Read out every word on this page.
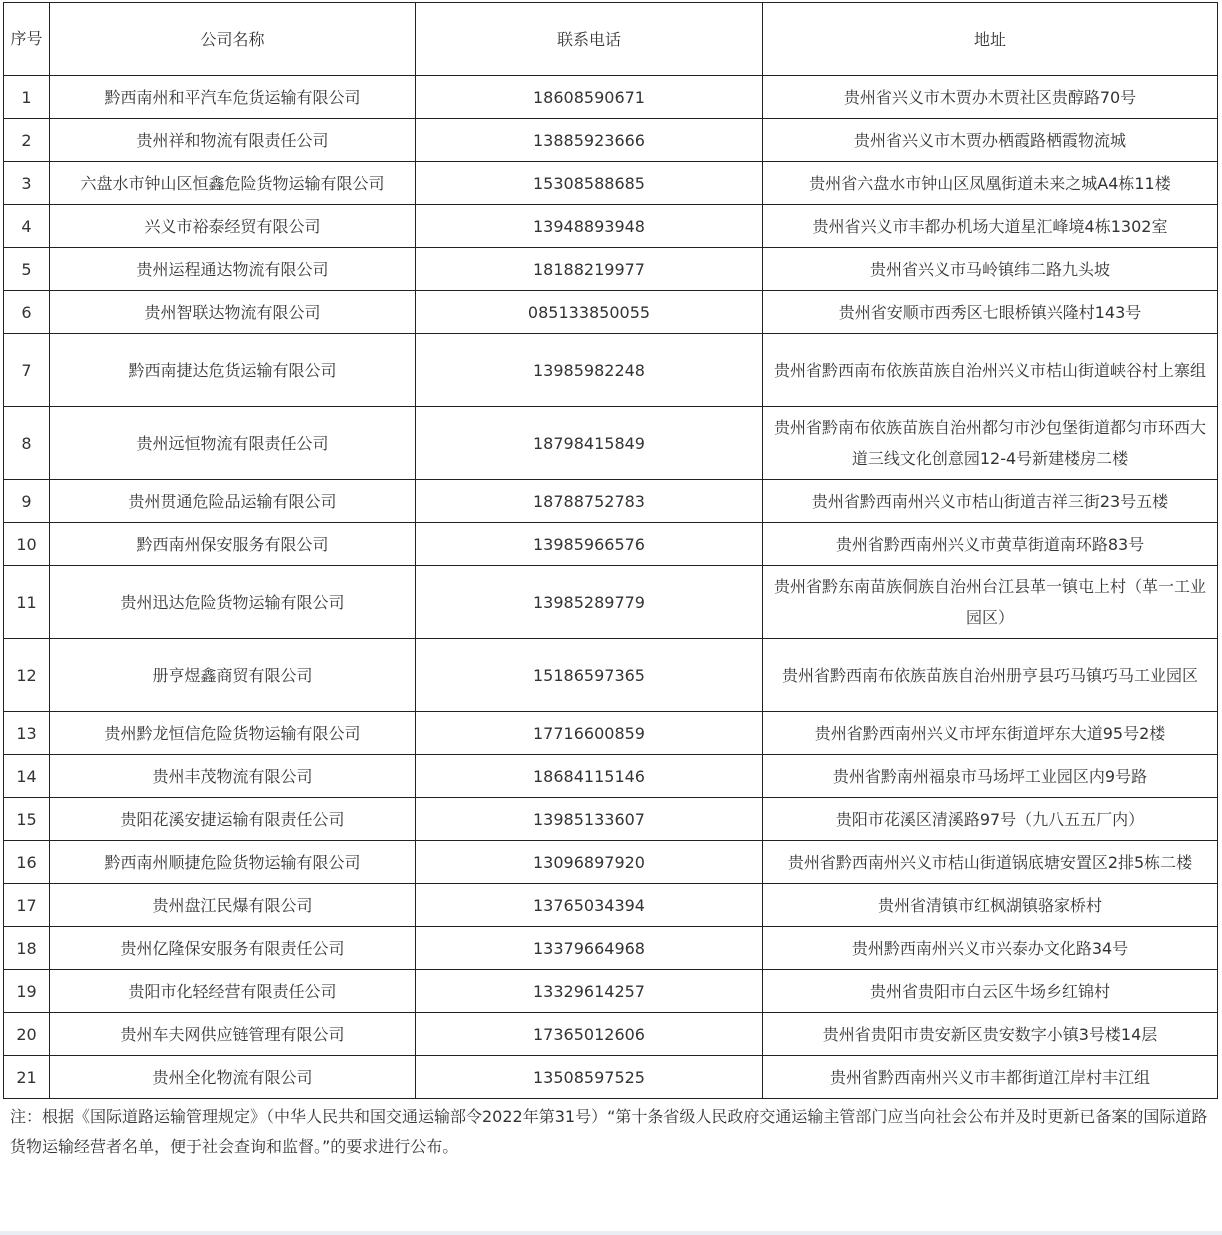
序号	公司名称	联系电话	地址
1	黔西南州和平汽车危货运输有限公司	18608590671	贵州省兴义市木贾办木贾社区贵醇路70号
2	贵州祥和物流有限责任公司	13885923666	贵州省兴义市木贾办栖霞路栖霞物流城
3	六盘水市钟山区恒鑫危险货物运输有限公司	15308588685	贵州省六盘水市钟山区凤凰街道未来之城A4栋11楼
4	兴义市裕泰经贸有限公司	13948893948	贵州省兴义市丰都办机场大道星汇峰境4栋1302室
5	贵州运程通达物流有限公司	18188219977	贵州省兴义市马岭镇纬二路九头坡
6	贵州智联达物流有限公司	085133850055	贵州省安顺市西秀区七眼桥镇兴隆村143号
7	黔西南捷达危货运输有限公司	13985982248	贵州省黔西南布依族苗族自治州兴义市桔山街道峡谷村上寨组
8	贵州远恒物流有限责任公司	18798415849	贵州省黔南布依族苗族自治州都匀市沙包堡街道都匀市环西大道三线文化创意园12-4号新建楼房二楼
9	贵州贯通危险品运输有限公司	18788752783	贵州省黔西南州兴义市桔山街道吉祥三街23号五楼
10	黔西南州保安服务有限公司	13985966576	贵州省黔西南州兴义市黄草街道南环路83号
11	贵州迅达危险货物运输有限公司	13985289779	贵州省黔东南苗族侗族自治州台江县革一镇屯上村（革一工业园区）
12	册亨煜鑫商贸有限公司	15186597365	贵州省黔西南布依族苗族自治州册亨县巧马镇巧马工业园区
13	贵州黔龙恒信危险货物运输有限公司	17716600859	贵州省黔西南州兴义市坪东街道坪东大道95号2楼
14	贵州丰茂物流有限公司	18684115146	贵州省黔南州福泉市马场坪工业园区内9号路
15	贵阳花溪安捷运输有限责任公司	13985133607	贵阳市花溪区清溪路97号（九八五五厂内）
16	黔西南州顺捷危险货物运输有限公司	13096897920	贵州省黔西南州兴义市桔山街道锅底塘安置区2排5栋二楼
17	贵州盘江民爆有限公司	13765034394	贵州省清镇市红枫湖镇骆家桥村
18	贵州亿隆保安服务有限责任公司	13379664968	贵州黔西南州兴义市兴泰办文化路34号
19	贵阳市化轻经营有限责任公司	13329614257	贵州省贵阳市白云区牛场乡红锦村
20	贵州车夫网供应链管理有限公司	17365012606	贵州省贵阳市贵安新区贵安数字小镇3号楼14层
21	贵州全化物流有限公司	13508597525	贵州省黔西南州兴义市丰都街道江岸村丰江组

注：根据《国际道路运输管理规定》（中华人民共和国交通运输部令2022年第31号）“第十条省级人民政府交通运输主管部门应当向社会公布并及时更新已备案的国际道路货物运输经营者名单，便于社会查询和监督。”的要求进行公布。
